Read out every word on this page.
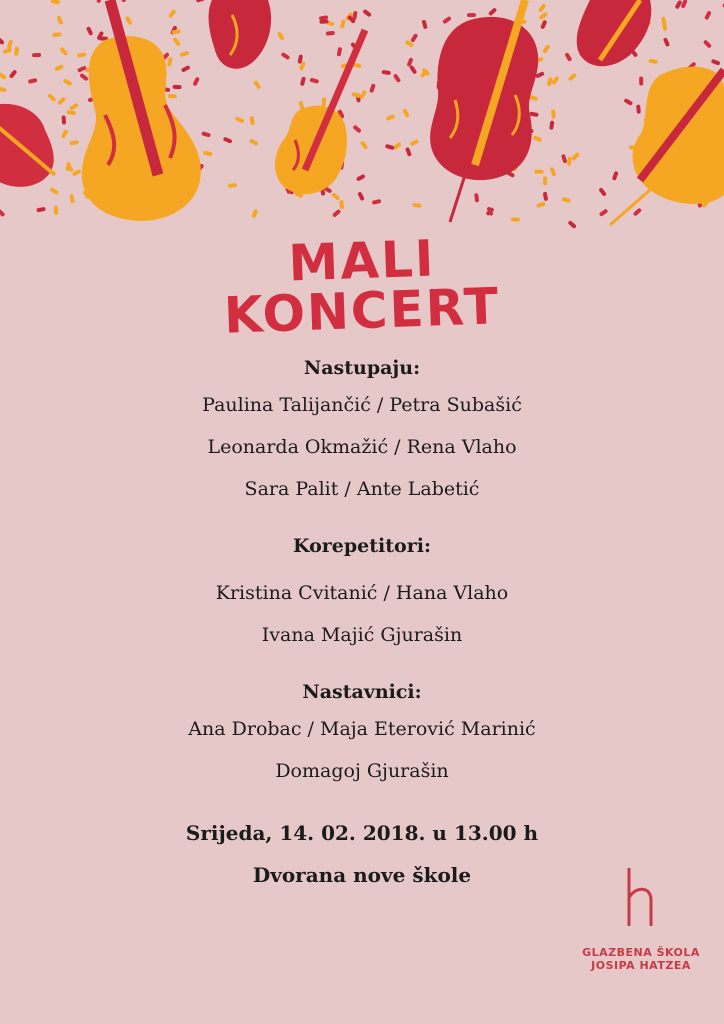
MALI
KONCERT
Nastupaju:
Paulina Talijančić / Petra Subašić
Leonarda Okmažić / Rena Vlaho
Sara Palit / Ante Labetić
Korepetitori:
Kristina Cvitanić / Hana Vlaho
Ivana Majić Gjurašin
Nastavnici:
Ana Drobac / Maja Eterović Marinić
Domagoj Gjurašin
Srijeda, 14. 02. 2018. u 13.00 h
Dvorana nove škole
GLAZBENA ŠKOLA
JOSIPA HATZEA
